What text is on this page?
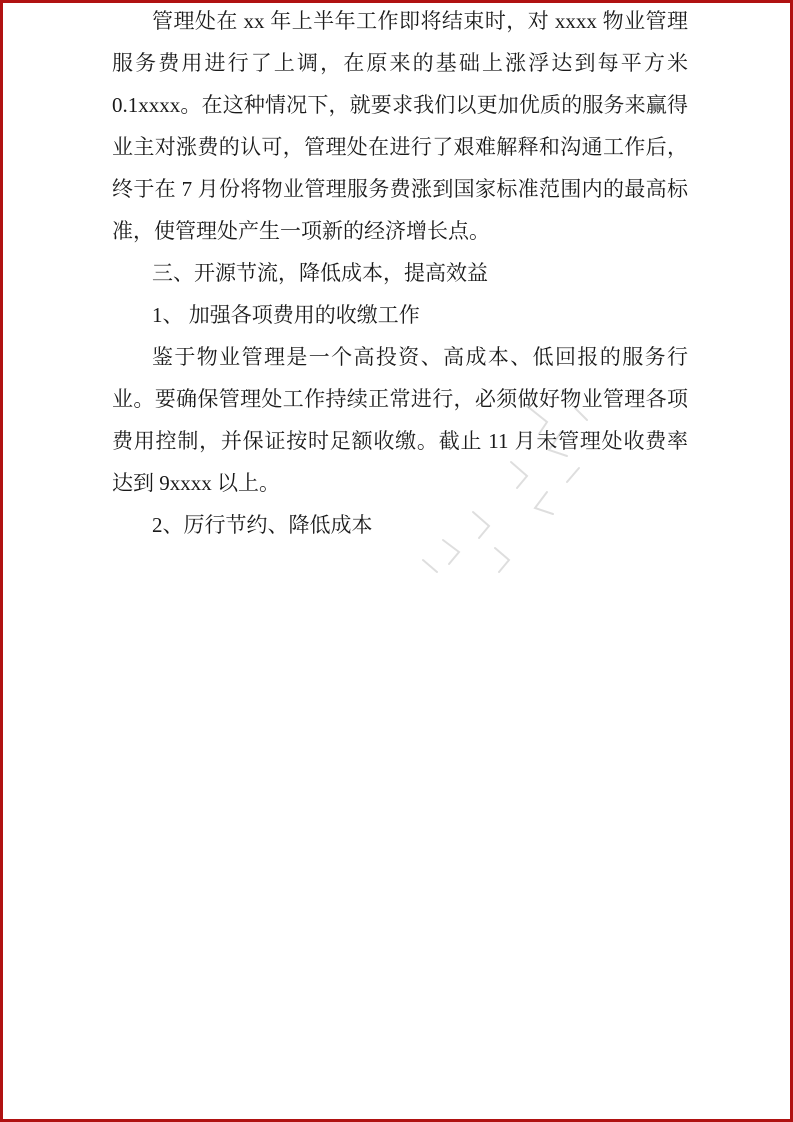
管理处在 xx 年上半年工作即将结束时，对 xxxx 物业管理服务费用进行了上调，在原来的基础上涨浮达到每平方米 0.1xxxx。在这种情况下，就要求我们以更加优质的服务来赢得业主对涨费的认可，管理处在进行了艰难解释和沟通工作后，终于在 7 月份将物业管理服务费涨到国家标准范围内的最高标准，使管理处产生一项新的经济增长点。

三、开源节流，降低成本，提高效益

1、 加强各项费用的收缴工作

鉴于物业管理是一个高投资、高成本、低回报的服务行业。要确保管理处工作持续正常进行，必须做好物业管理各项费用控制，并保证按时足额收缴。截止 11 月未管理处收费率达到 9xxxx 以上。

2、厉行节约、降低成本
